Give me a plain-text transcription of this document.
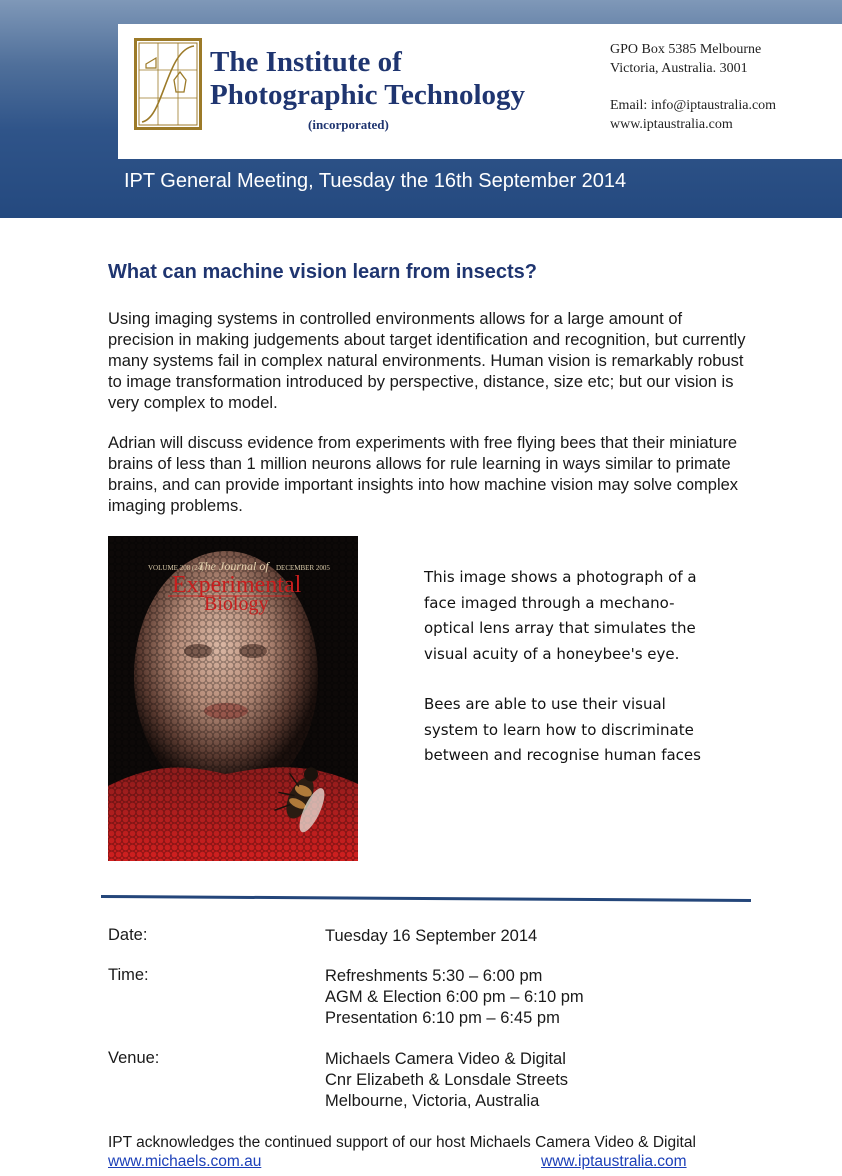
The Institute of
Photographic Technology
(incorporated)
GPO Box 5385 Melbourne
Victoria, Australia. 3001
Email: info@iptaustralia.com
www.iptaustralia.com
IPT General Meeting, Tuesday the 16th September 2014
What can machine vision learn from insects?
Using imaging systems in controlled environments allows for a large amount of precision in making judgements about target identification and recognition, but currently many systems fail in complex natural environments. Human vision is remarkably robust to image transformation introduced by perspective, distance, size etc; but our vision is very complex to model.
Adrian will discuss evidence from experiments with free flying bees that their miniature brains of less than 1 million neurons allows for rule learning in ways similar to primate brains, and can provide important insights into how machine vision may solve complex imaging problems.
VOLUME 208 (24)	DECEMBER 2005
The Journal of
Experimental
Biology
This image shows a photograph of a face imaged through a mechano-optical lens array that simulates the visual acuity of a honeybee's eye.
Bees are able to use their visual system to learn how to discriminate between and recognise human faces
Date:	Tuesday 16 September 2014
Time:	Refreshments 5:30 – 6:00 pm
AGM & Election 6:00 pm – 6:10 pm
Presentation 6:10 pm – 6:45 pm
Venue:	Michaels Camera Video & Digital
Cnr Elizabeth & Lonsdale Streets
Melbourne, Victoria, Australia
IPT acknowledges the continued support of our host Michaels Camera Video & Digital
www.michaels.com.au	www.iptaustralia.com
